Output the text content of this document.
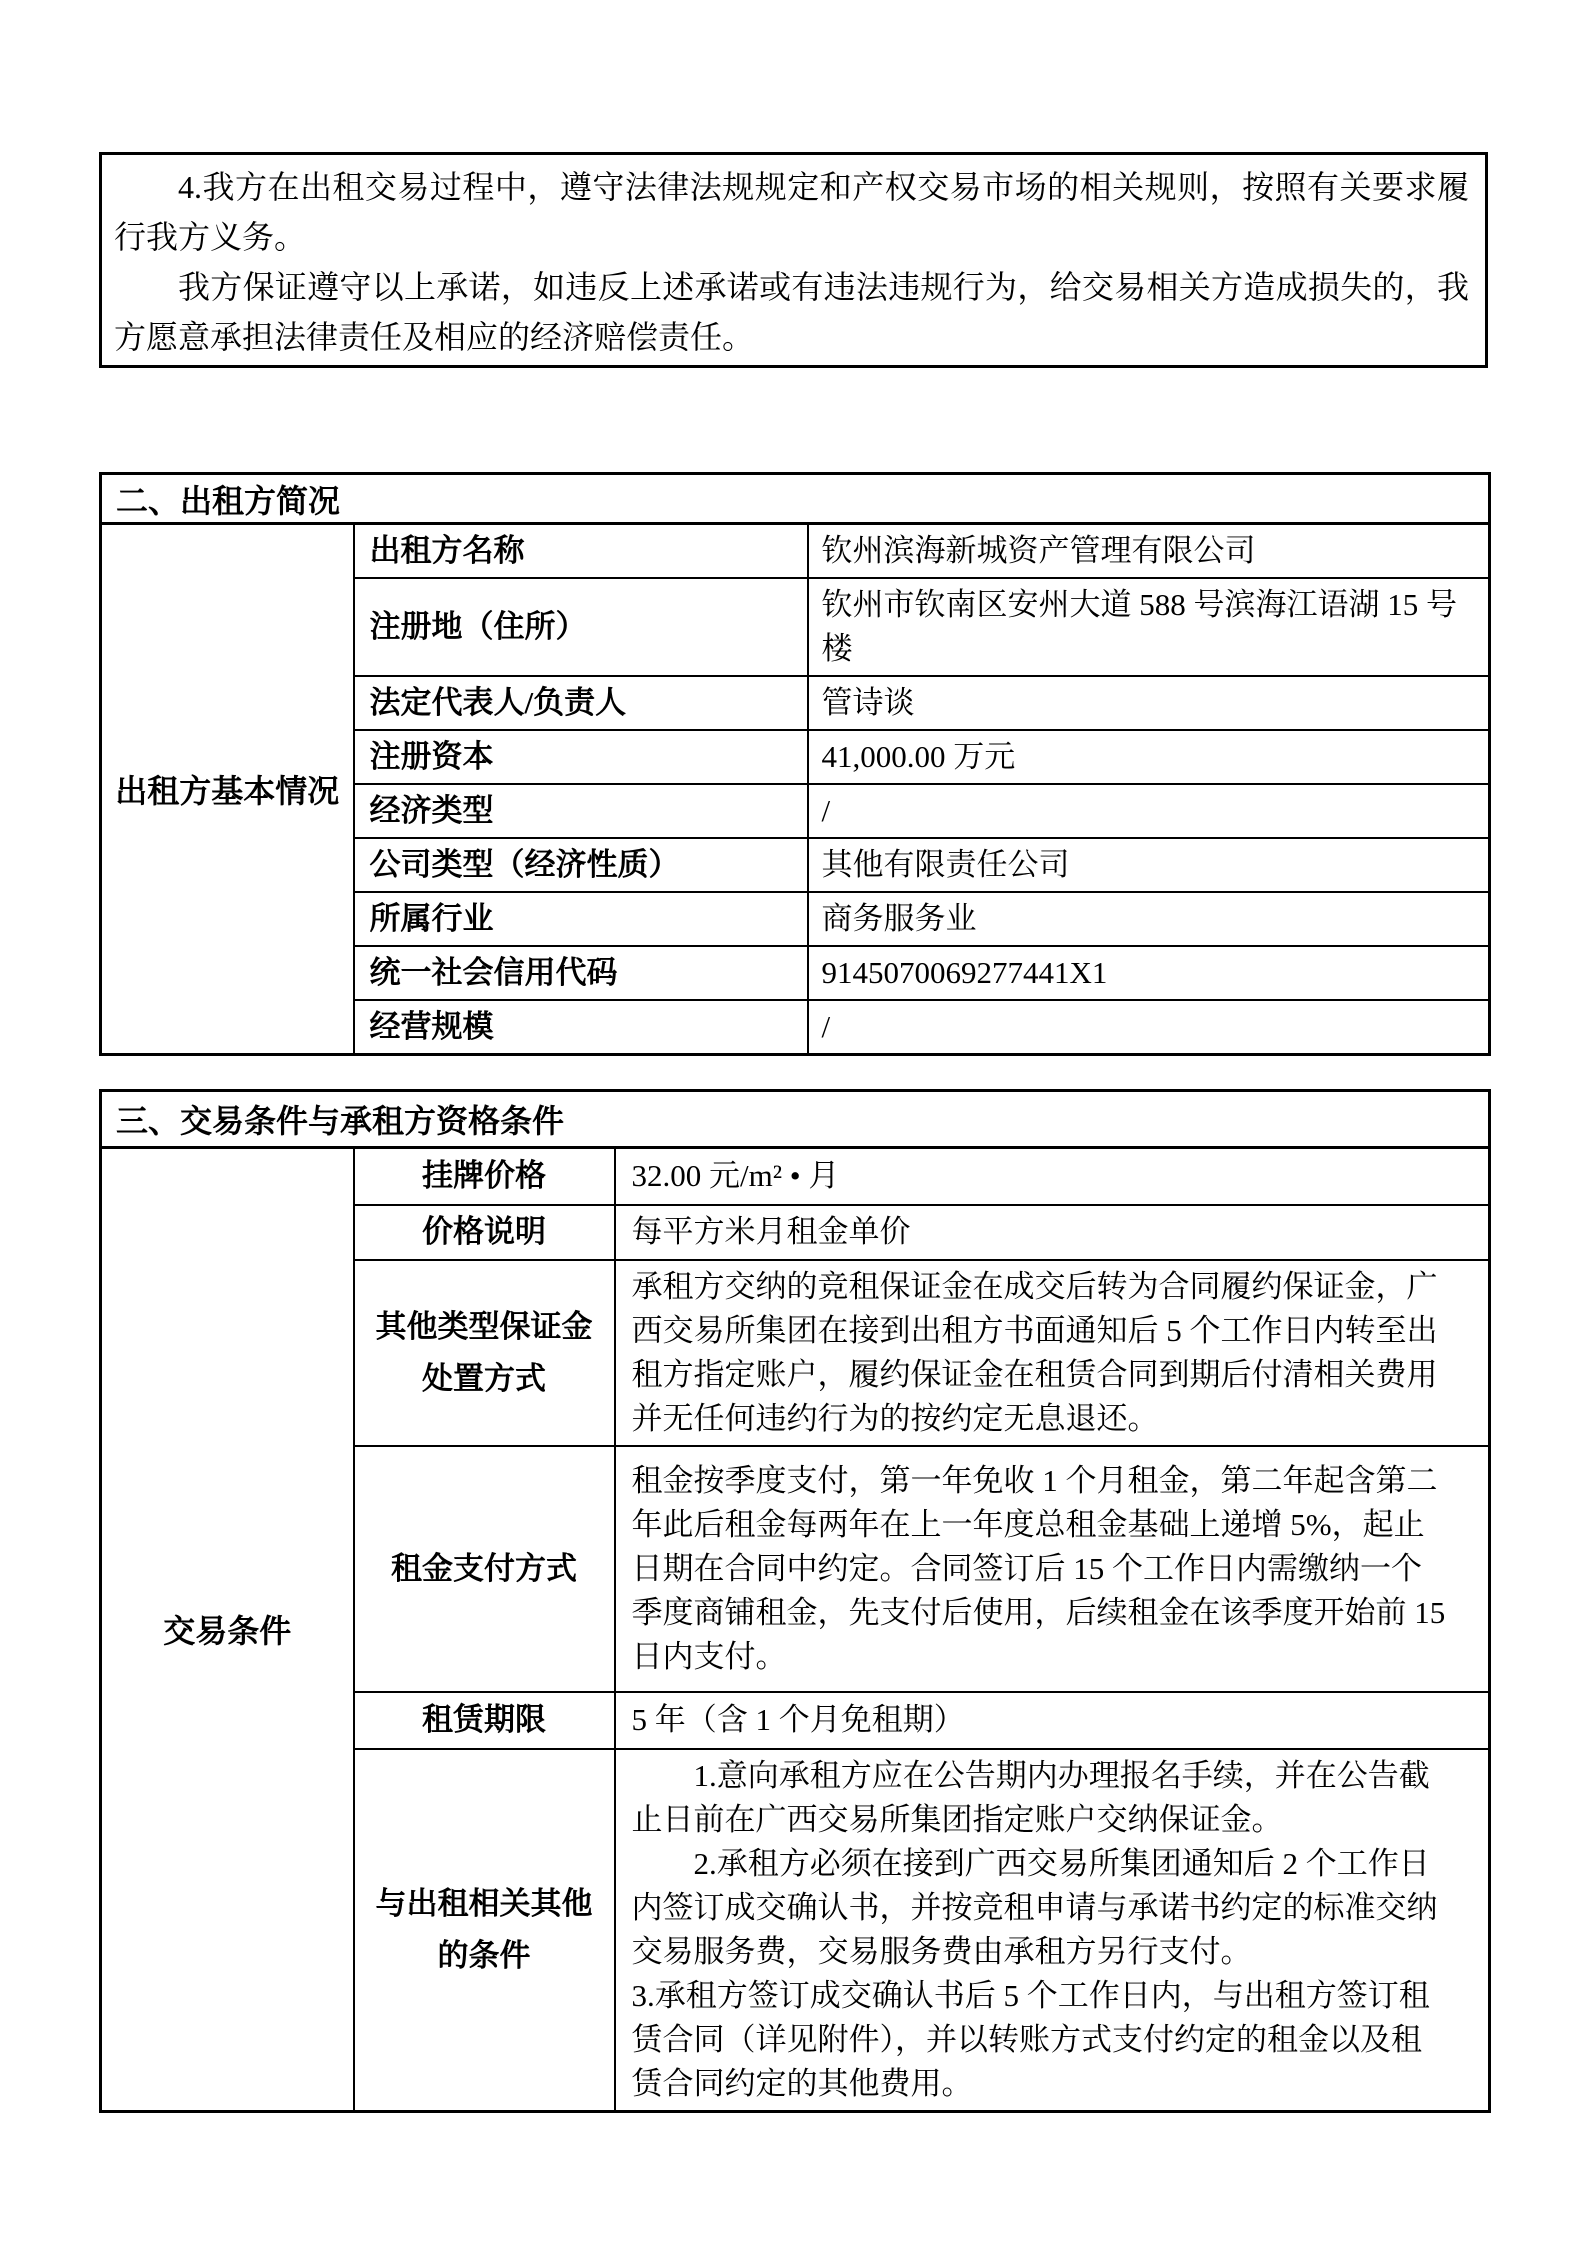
4.我方在出租交易过程中，遵守法律法规规定和产权交易市场的相关规则，按照有关要求履行我方义务。

我方保证遵守以上承诺，如违反上述承诺或有违法违规行为，给交易相关方造成损失的，我方愿意承担法律责任及相应的经济赔偿责任。

二、出租方简况		
出租方基本情况	出租方名称	钦州滨海新城资产管理有限公司
	注册地（住所）	钦州市钦南区安州大道 588 号滨海江语湖 15 号楼
	法定代表人/负责人	管诗谈
	注册资本	41,000.00 万元
	经济类型	/
	公司类型（经济性质）	其他有限责任公司
	所属行业	商务服务业
	统一社会信用代码	9145070069277441X1
	经营规模	/
三、交易条件与承租方资格条件		
交易条件	挂牌价格	32.00 元/m² • 月
	价格说明	每平方米月租金单价
	其他类型保证金处置方式	承租方交纳的竞租保证金在成交后转为合同履约保证金，广西交易所集团在接到出租方书面通知后 5 个工作日内转至出租方指定账户，履约保证金在租赁合同到期后付清相关费用并无任何违约行为的按约定无息退还。
	租金支付方式	租金按季度支付，第一年免收 1 个月租金，第二年起含第二年此后租金每两年在上一年度总租金基础上递增 5%，起止日期在合同中约定。合同签订后 15 个工作日内需缴纳一个季度商铺租金，先支付后使用，后续租金在该季度开始前 15 日内支付。
	租赁期限	5 年（含 1 个月免租期）
	与出租相关其他的条件	1.意向承租方应在公告期内办理报名手续，并在公告截止日前在广西交易所集团指定账户交纳保证金。

2.承租方必须在接到广西交易所集团通知后 2 个工作日内签订成交确认书，并按竞租申请与承诺书约定的标准交纳交易服务费，交易服务费由承租方另行支付。

3.承租方签订成交确认书后 5 个工作日内，与出租方签订租赁合同（详见附件），并以转账方式支付约定的租金以及租赁合同约定的其他费用。
